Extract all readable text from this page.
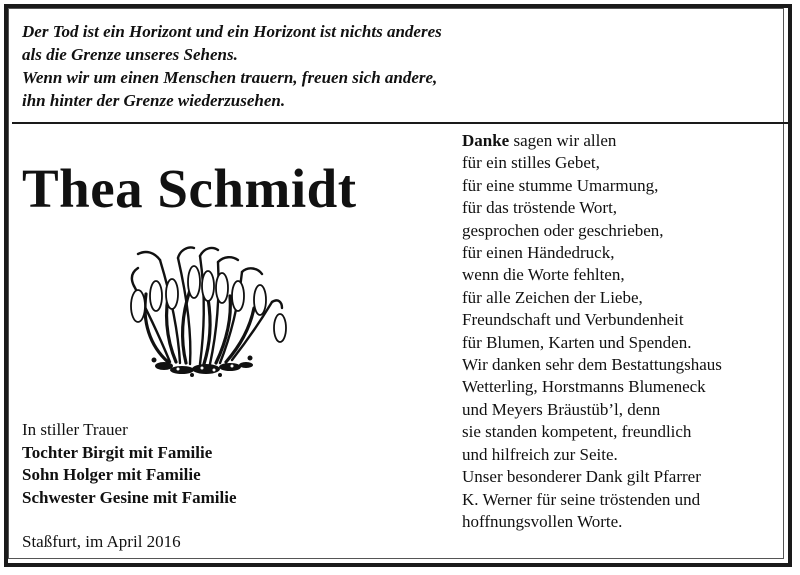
Der Tod ist ein Horizont und ein Horizont ist nichts anderes
als die Grenze unseres Sehens.
Wenn wir um einen Menschen trauern, freuen sich andere,
ihn hinter der Grenze wiederzusehen.
Thea Schmidt
In stiller Trauer
Tochter Birgit mit Familie
Sohn Holger mit Familie
Schwester Gesine mit Familie
Staßfurt, im April 2016
Danke sagen wir allen
für ein stilles Gebet,
für eine stumme Umarmung,
für das tröstende Wort,
gesprochen oder geschrieben,
für einen Händedruck,
wenn die Worte fehlten,
für alle Zeichen der Liebe,
Freundschaft und Verbundenheit
für Blumen, Karten und Spenden.
Wir danken sehr dem Bestattungshaus
Wetterling, Horstmanns Blumeneck
und Meyers Bräustüb’l, denn
sie standen kompetent, freundlich
und hilfreich zur Seite.
Unser besonderer Dank gilt Pfarrer
K. Werner für seine tröstenden und
hoffnungsvollen Worte.
